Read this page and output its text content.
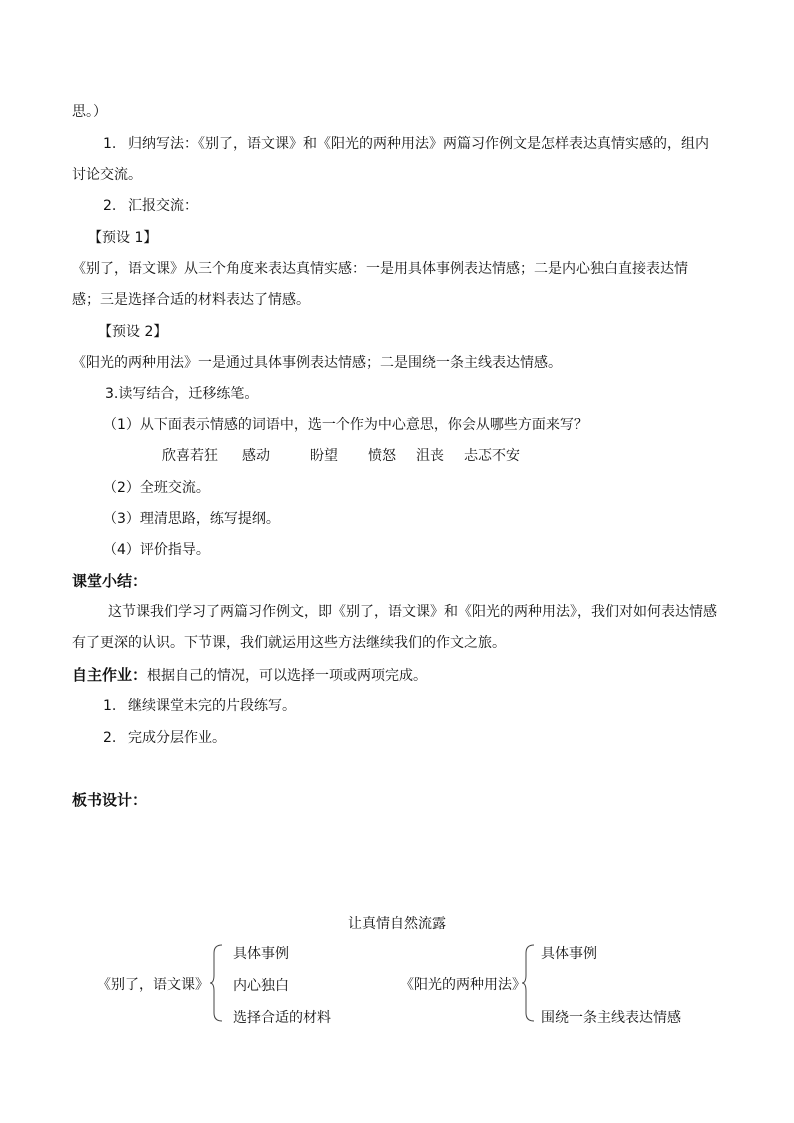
思。）
1. 归纳写法：《别了，语文课》和《阳光的两种用法》两篇习作例文是怎样表达真情实感的，组内
讨论交流。
2. 汇报交流：
【预设 1】
《别了，语文课》从三个角度来表达真情实感：一是用具体事例表达情感；二是内心独白直接表达情
感；三是选择合适的材料表达了情感。
【预设 2】
《阳光的两种用法》一是通过具体事例表达情感；二是围绕一条主线表达情感。
3.读写结合，迁移练笔。
（1）从下面表示情感的词语中，选一个作为中心意思，你会从哪些方面来写？
欣喜若狂 感动	盼望 愤怒 沮丧 忐忑不安
（2）全班交流。
（3）理清思路，练写提纲。
（4）评价指导。
课堂小结：
这节课我们学习了两篇习作例文，即《别了，语文课》和《阳光的两种用法》，我们对如何表达情感
有了更深的认识。下节课，我们就运用这些方法继续我们的作文之旅。
自主作业：根据自己的情况，可以选择一项或两项完成。
1. 继续课堂未完的片段练写。
2. 完成分层作业。
板书设计：
让真情自然流露
《别了，语文课》
具体事例
内心独白
选择合适的材料
《阳光的两种用法》
具体事例
围绕一条主线表达情感
